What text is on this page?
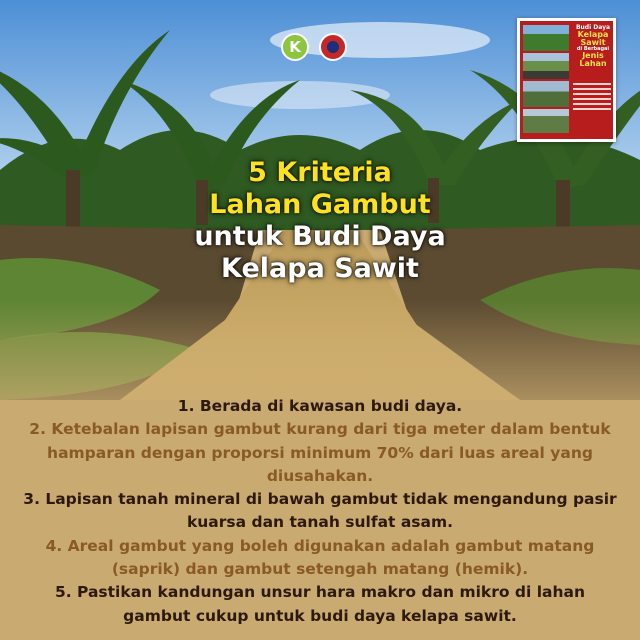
K
Budi Daya
Kelapa Sawit
di Berbagai
Jenis Lahan
5 Kriteria
Lahan Gambut
untuk Budi Daya
Kelapa Sawit
1. Berada di kawasan budi daya.
2. Ketebalan lapisan gambut kurang dari tiga meter dalam bentuk hamparan dengan proporsi minimum 70% dari luas areal yang diusahakan.
3. Lapisan tanah mineral di bawah gambut tidak mengandung pasir kuarsa dan tanah sulfat asam.
4. Areal gambut yang boleh digunakan adalah gambut matang (saprik) dan gambut setengah matang (hemik).
5. Pastikan kandungan unsur hara makro dan mikro di lahan gambut cukup untuk budi daya kelapa sawit.
